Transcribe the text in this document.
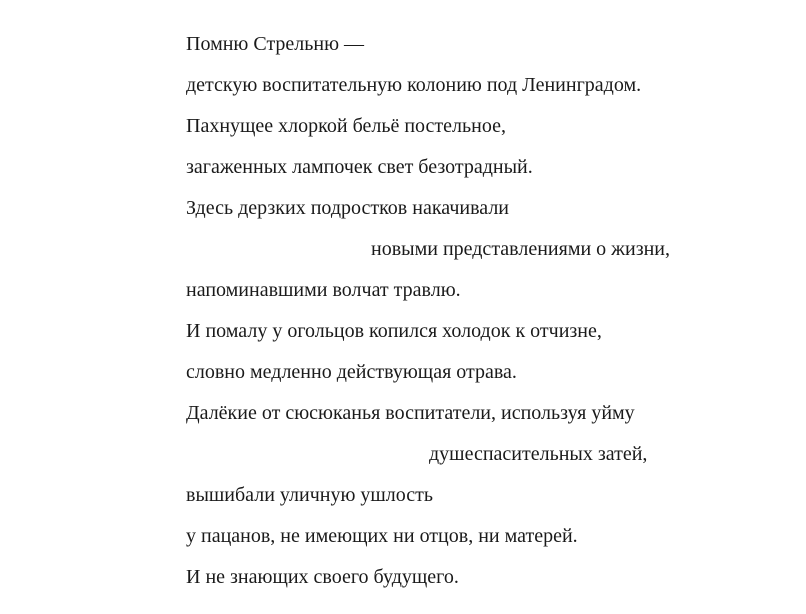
Помню Стрельню —
детскую воспитательную колонию под Ленинградом.
Пахнущее хлоркой бельё постельное,
загаженных лампочек свет безотрадный.
Здесь дерзких подростков накачивали
новыми представлениями о жизни,
напоминавшими волчат травлю.
И помалу у огольцов копился холодок к отчизне,
словно медленно действующая отрава.
Далёкие от сюсюканья воспитатели, используя уйму
душеспасительных затей,
вышибали уличную ушлость
у пацанов, не имеющих ни отцов, ни матерей.
И не знающих своего будущего.
